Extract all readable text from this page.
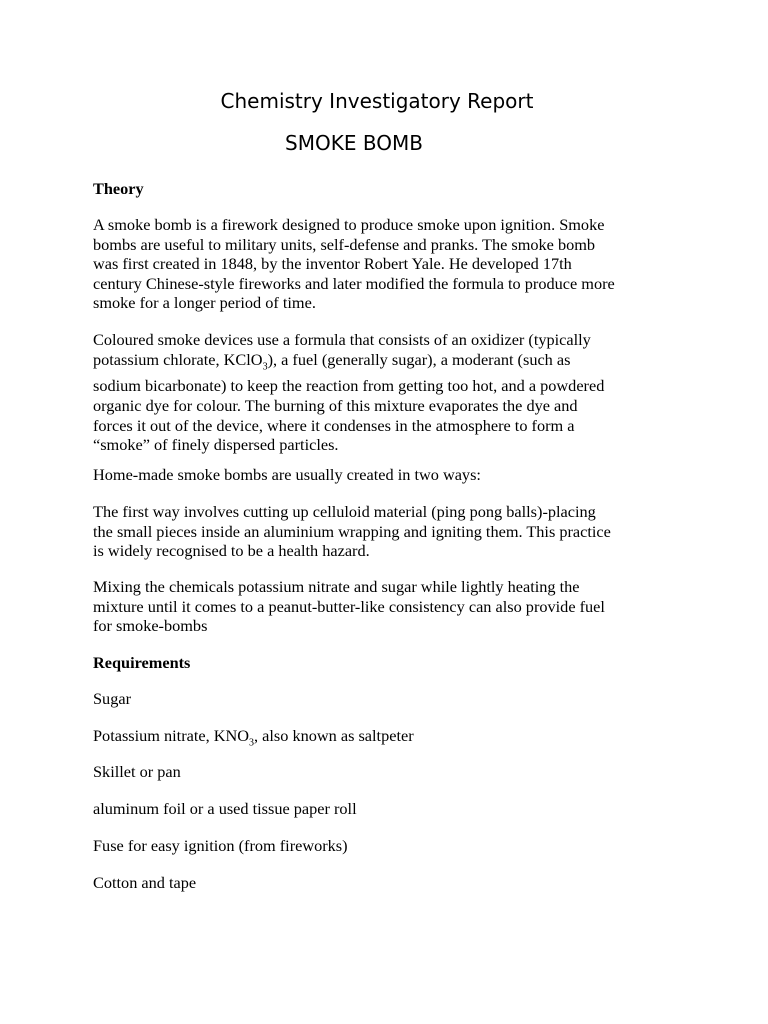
Chemistry Investigatory Report
SMOKE BOMB

Theory

A smoke bomb is a firework designed to produce smoke upon ignition. Smoke
bombs are useful to military units, self-defense and pranks. The smoke bomb
was first created in 1848, by the inventor Robert Yale. He developed 17th
century Chinese-style fireworks and later modified the formula to produce more
smoke for a longer period of time.

Coloured smoke devices use a formula that consists of an oxidizer (typically
potassium chlorate, KClO$_3$), a fuel (generally sugar), a moderant (such as
sodium bicarbonate) to keep the reaction from getting too hot, and a powdered
organic dye for colour. The burning of this mixture evaporates the dye and
forces it out of the device, where it condenses in the atmosphere to form a
“smoke” of finely dispersed particles.

Home-made smoke bombs are usually created in two ways:

The first way involves cutting up celluloid material (ping pong balls)-placing
the small pieces inside an aluminium wrapping and igniting them. This practice
is widely recognised to be a health hazard.

Mixing the chemicals potassium nitrate and sugar while lightly heating the
mixture until it comes to a peanut-butter-like consistency can also provide fuel
for smoke-bombs

Requirements

Sugar

Potassium nitrate, $KNO_3$, also known as saltpeter

Skillet or pan

aluminum foil or a used tissue paper roll

Fuse for easy ignition (from fireworks)

Cotton and tape
